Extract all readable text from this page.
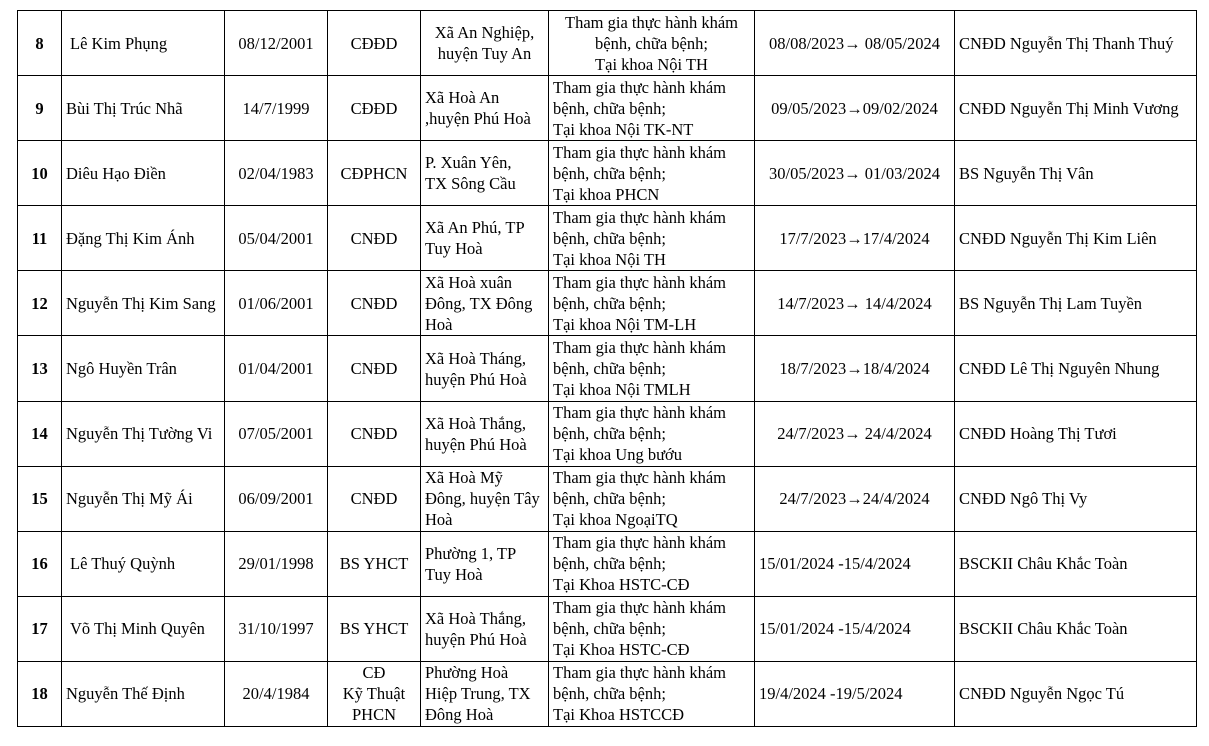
8	Lê Kim Phụng	08/12/2001	CĐĐD	Xã An Nghiệp,
huyện Tuy An	Tham gia thực hành khám
bệnh, chữa bệnh;
Tại khoa Nội TH	08/08/2023→ 08/05/2024	CNĐD Nguyễn Thị Thanh Thuý
9	Bùi Thị Trúc Nhã	14/7/1999	CĐĐD	Xã Hoà An
,huyện Phú Hoà	Tham gia thực hành khám
bệnh, chữa bệnh;
Tại khoa Nội TK-NT	09/05/2023→09/02/2024	CNĐD Nguyễn Thị Minh Vương
10	Diêu Hạo Điền	02/04/1983	CĐPHCN	P. Xuân Yên,
TX Sông Cầu	Tham gia thực hành khám
bệnh, chữa bệnh;
Tại khoa PHCN	30/05/2023→ 01/03/2024	BS Nguyễn Thị Vân
11	Đặng Thị Kim Ánh	05/04/2001	CNĐD	Xã An Phú, TP
Tuy Hoà	Tham gia thực hành khám
bệnh, chữa bệnh;
Tại khoa Nội TH	17/7/2023→17/4/2024	CNĐD Nguyễn Thị Kim Liên
12	Nguyễn Thị Kim Sang	01/06/2001	CNĐD	Xã Hoà xuân
Đông, TX Đông
Hoà	Tham gia thực hành khám
bệnh, chữa bệnh;
Tại khoa Nội TM-LH	14/7/2023→ 14/4/2024	BS Nguyễn Thị Lam Tuyền
13	Ngô Huyền Trân	01/04/2001	CNĐD	Xã Hoà Tháng,
huyện Phú Hoà	Tham gia thực hành khám
bệnh, chữa bệnh;
Tại khoa Nội TMLH	18/7/2023→18/4/2024	CNĐD Lê Thị Nguyên Nhung
14	Nguyễn Thị Tường Vi	07/05/2001	CNĐD	Xã Hoà Thắng,
huyện Phú Hoà	Tham gia thực hành khám
bệnh, chữa bệnh;
Tại khoa Ung bướu	24/7/2023→ 24/4/2024	CNĐD Hoàng Thị Tươi
15	Nguyễn Thị Mỹ Ái	06/09/2001	CNĐD	Xã Hoà Mỹ
Đông, huyện Tây
Hoà	Tham gia thực hành khám
bệnh, chữa bệnh;
Tại khoa NgoạiTQ	24/7/2023→24/4/2024	CNĐD Ngô Thị Vy
16	Lê Thuý Quỳnh	29/01/1998	BS YHCT	Phường 1, TP
Tuy Hoà	Tham gia thực hành khám
bệnh, chữa bệnh;
Tại Khoa HSTC-CĐ	15/01/2024 -15/4/2024	BSCKII Châu Khắc Toàn
17	Võ Thị Minh Quyên	31/10/1997	BS YHCT	Xã Hoà Thắng,
huyện Phú Hoà	Tham gia thực hành khám
bệnh, chữa bệnh;
Tại Khoa HSTC-CĐ	15/01/2024 -15/4/2024	BSCKII Châu Khắc Toàn
18	Nguyễn Thế Định	20/4/1984	CĐ
Kỹ Thuật
PHCN	Phường Hoà
Hiệp Trung, TX
Đông Hoà	Tham gia thực hành khám
bệnh, chữa bệnh;
Tại Khoa HSTCCĐ	19/4/2024 -19/5/2024	CNĐD Nguyễn Ngọc Tú
